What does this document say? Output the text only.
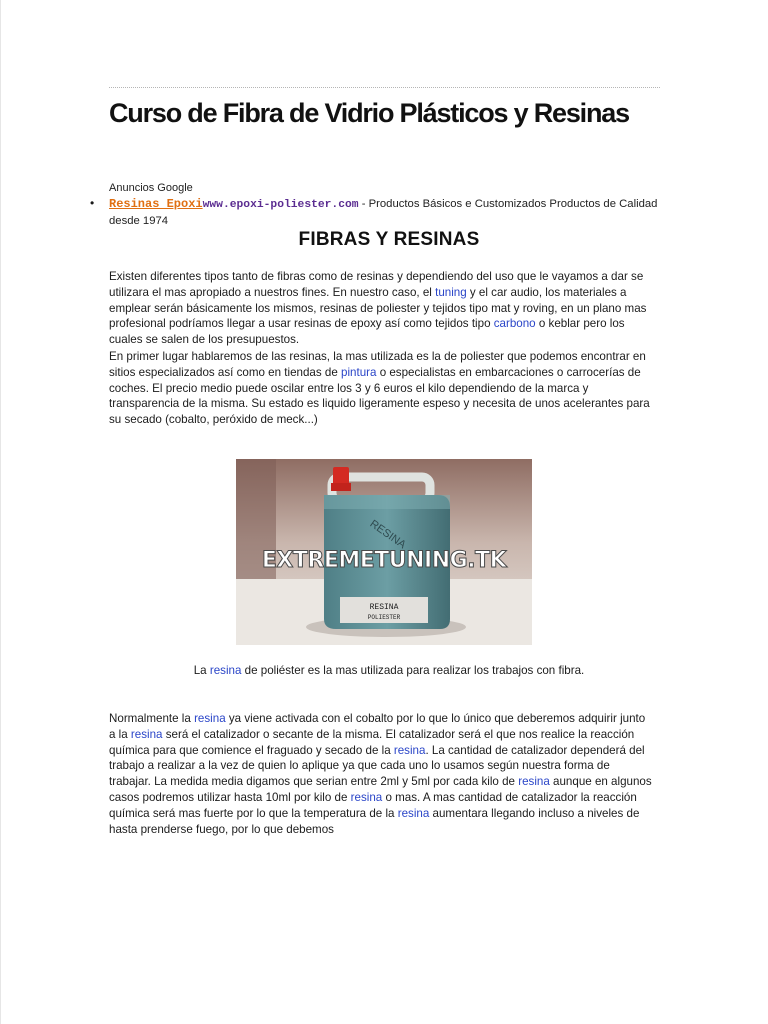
Curso de Fibra de Vidrio Plásticos y Resinas
Anuncios Google
• Resinas Epoxiwww.epoxi-poliester.com - Productos Básicos e Customizados Productos de Calidad desde 1974
FIBRAS Y RESINAS
Existen diferentes tipos tanto de fibras como de resinas y dependiendo del uso que le vayamos a dar se utilizara el mas apropiado a nuestros fines. En nuestro caso, el tuning y el car audio, los materiales a emplear serán básicamente los mismos, resinas de poliester y tejidos tipo mat y roving, en un plano mas profesional podríamos llegar a usar resinas de epoxy así como tejidos tipo carbono o keblar pero los cuales se salen de los presupuestos.
En primer lugar hablaremos de las resinas, la mas utilizada es la de poliester que podemos encontrar en sitios especializados así como en tiendas de pintura o especialistas en embarcaciones o carrocerías de coches. El precio medio puede oscilar entre los 3 y 6 euros el kilo dependiendo de la marca y transparencia de la misma. Su estado es liquido ligeramente espeso y necesita de unos acelerantes para su secado (cobalto, peróxido de meck...)
RESINA
RESINA
POLIESTER
EXTREMETUNING.TK
La resina de poliéster es la mas utilizada para realizar los trabajos con fibra.
Normalmente la resina ya viene activada con el cobalto por lo que lo único que deberemos adquirir junto a la resina será el catalizador o secante de la misma. El catalizador será el que nos realice la reacción química para que comience el fraguado y secado de la resina. La cantidad de catalizador dependerá del trabajo a realizar a la vez de quien lo aplique ya que cada uno lo usamos según nuestra forma de trabajar. La medida media digamos que serian entre 2ml y 5ml por cada kilo de resina aunque en algunos casos podremos utilizar hasta 10ml por kilo de resina o mas. A mas cantidad de catalizador la reacción química será mas fuerte por lo que la temperatura de la resina aumentara llegando incluso a niveles de hasta prenderse fuego, por lo que debemos
